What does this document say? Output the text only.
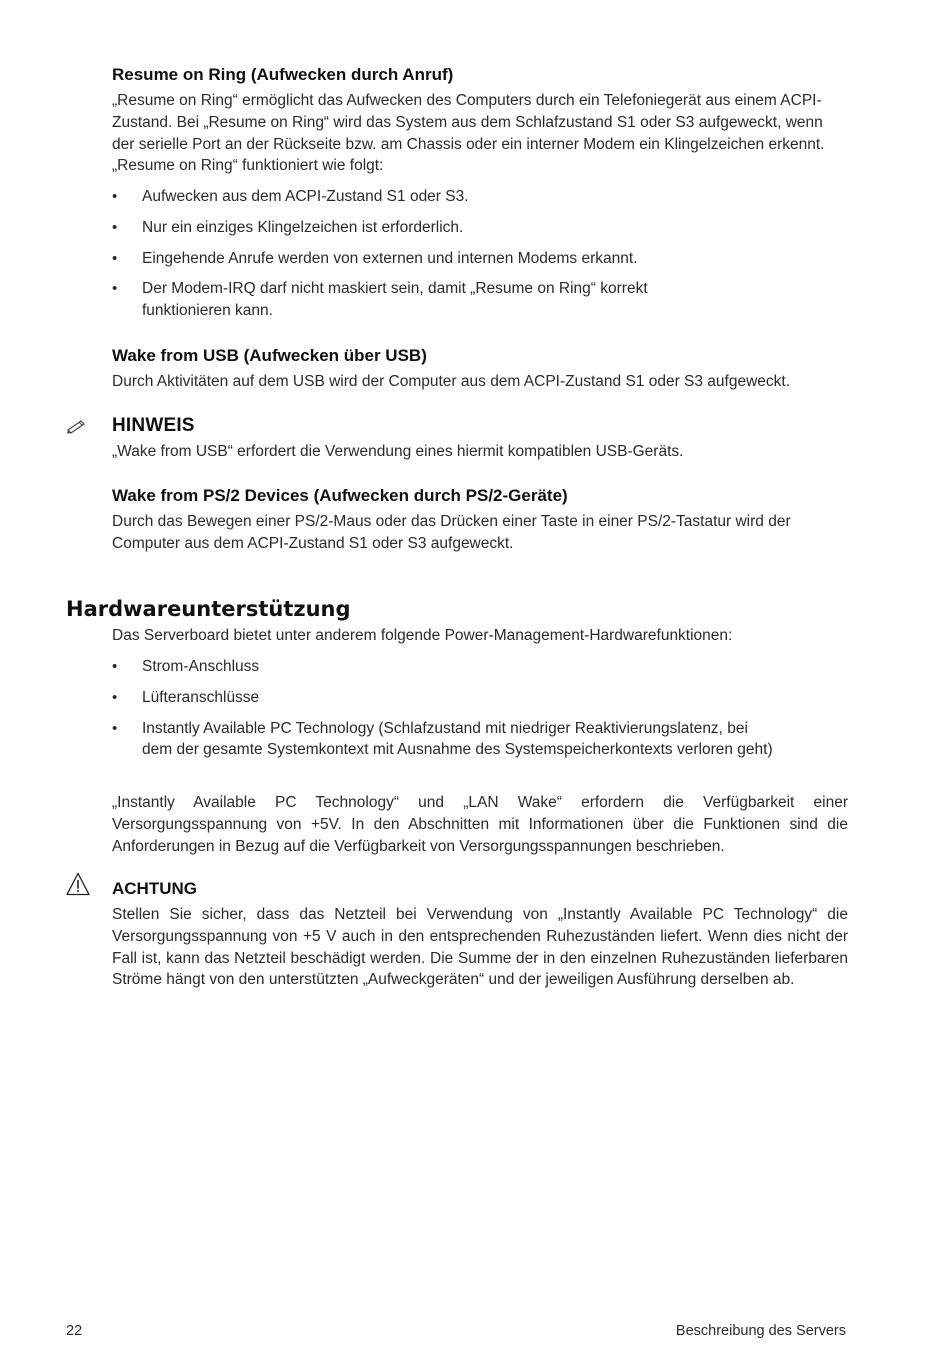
Resume on Ring (Aufwecken durch Anruf)

„Resume on Ring“ ermöglicht das Aufwecken des Computers durch ein Telefoniegerät aus einem ACPI-Zustand. Bei „Resume on Ring“ wird das System aus dem Schlafzustand S1 oder S3 aufgeweckt, wenn der serielle Port an der Rückseite bzw. am Chassis oder ein interner Modem ein Klingelzeichen erkennt. „Resume on Ring“ funktioniert wie folgt:

•	Aufwecken aus dem ACPI-Zustand S1 oder S3.
•	Nur ein einziges Klingelzeichen ist erforderlich.
•	Eingehende Anrufe werden von externen und internen Modems erkannt.
•	Der Modem-IRQ darf nicht maskiert sein, damit „Resume on Ring“ korrekt funktionieren kann.
Wake from USB (Aufwecken über USB)

Durch Aktivitäten auf dem USB wird der Computer aus dem ACPI-Zustand S1 oder S3 aufgeweckt.

HINWEIS

„Wake from USB“ erfordert die Verwendung eines hiermit kompatiblen USB-Geräts.

Wake from PS/2 Devices (Aufwecken durch PS/2-Geräte)

Durch das Bewegen einer PS/2-Maus oder das Drücken einer Taste in einer PS/2-Tastatur wird der Computer aus dem ACPI-Zustand S1 oder S3 aufgeweckt.

Hardwareunterstützung

Das Serverboard bietet unter anderem folgende Power-Management-Hardwarefunktionen:

•	Strom-Anschluss
•	Lüfteranschlüsse
•	Instantly Available PC Technology (Schlafzustand mit niedriger Reaktivierungslatenz, bei dem der gesamte Systemkontext mit Ausnahme des Systemspeicherkontexts verloren geht)

„Instantly Available PC Technology“ und „LAN Wake“ erfordern die Verfügbarkeit einer Versorgungsspannung von +5V. In den Abschnitten mit Informationen über die Funktionen sind die Anforderungen in Bezug auf die Verfügbarkeit von Versorgungsspannungen beschrieben.

ACHTUNG

Stellen Sie sicher, dass das Netzteil bei Verwendung von „Instantly Available PC Technology“ die Versorgungsspannung von +5 V auch in den entsprechenden Ruhezuständen liefert. Wenn dies nicht der Fall ist, kann das Netzteil beschädigt werden. Die Summe der in den einzelnen Ruhezuständen lieferbaren Ströme hängt von den unterstützten „Aufweckgeräten“ und der jeweiligen Ausführung derselben ab.

22	Beschreibung des Servers
